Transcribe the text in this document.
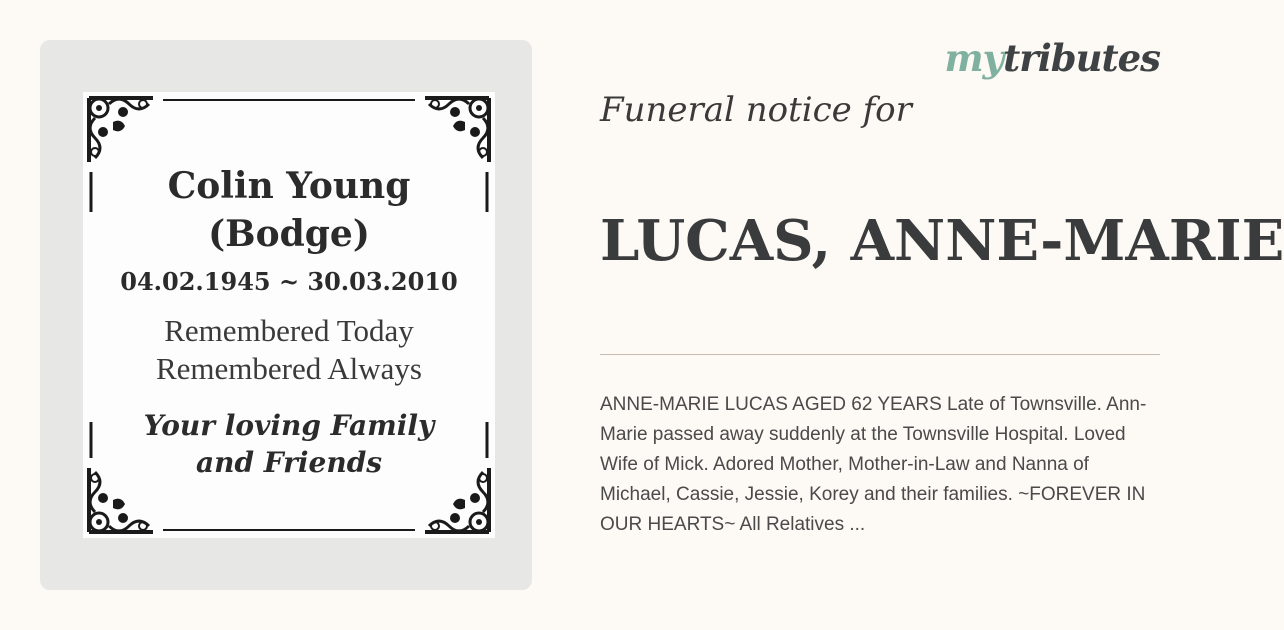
Colin Young
(Bodge)
04.02.1945 ~ 30.03.2010
Remembered Today
Remembered Always
Your loving Family
and Friends
mytributes
Funeral notice for
LUCAS, ANNE-MARIE

ANNE-MARIE LUCAS AGED 62 YEARS Late of Townsville. Ann-Marie passed away suddenly at the Townsville Hospital. Loved Wife of Mick. Adored Mother, Mother-in-Law and Nanna of Michael, Cassie, Jessie, Korey and their families. ~FOREVER IN OUR HEARTS~ All Relatives ...
